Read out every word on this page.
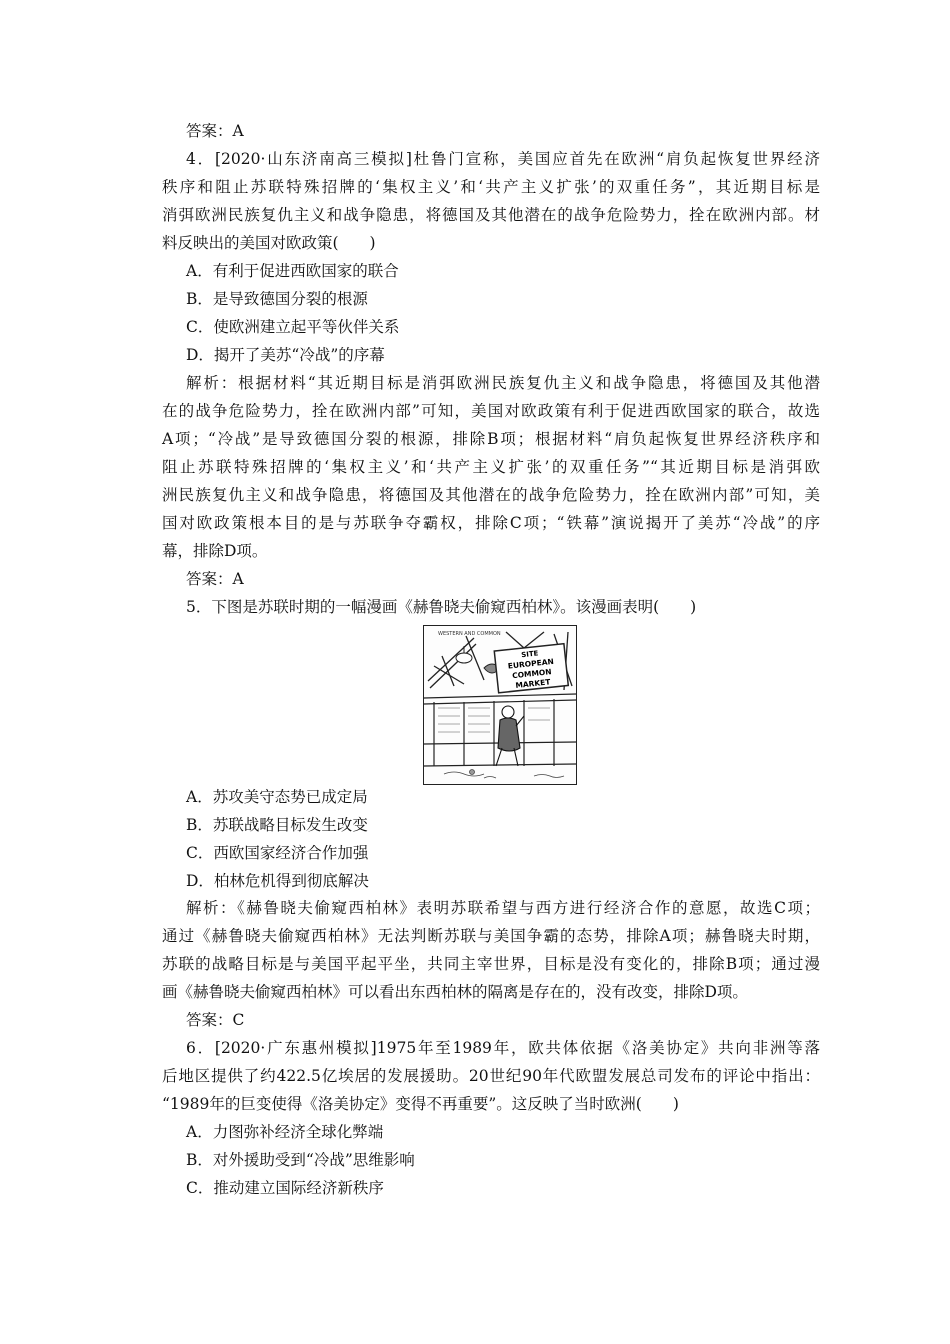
答案：A
4．[2020·山东济南高三模拟]杜鲁门宣称，美国应首先在欧洲“肩负起恢复世界经济
秩序和阻止苏联特殊招牌的‘集权主义’和‘共产主义扩张’的双重任务”，其近期目标是
消弭欧洲民族复仇主义和战争隐患，将德国及其他潜在的战争危险势力，拴在欧洲内部。材
料反映出的美国对欧政策(　　)
A．有利于促进西欧国家的联合
B．是导致德国分裂的根源
C．使欧洲建立起平等伙伴关系
D．揭开了美苏“冷战”的序幕
解析：根据材料“其近期目标是消弭欧洲民族复仇主义和战争隐患，将德国及其他潜
在的战争危险势力，拴在欧洲内部”可知，美国对欧政策有利于促进西欧国家的联合，故选
A项；“冷战”是导致德国分裂的根源，排除B项；根据材料“肩负起恢复世界经济秩序和
阻止苏联特殊招牌的‘集权主义’和‘共产主义扩张’的双重任务”“其近期目标是消弭欧
洲民族复仇主义和战争隐患，将德国及其他潜在的战争危险势力，拴在欧洲内部”可知，美
国对欧政策根本目的是与苏联争夺霸权，排除C项；“铁幕”演说揭开了美苏“冷战”的序
幕，排除D项。
答案：A
5．下图是苏联时期的一幅漫画《赫鲁晓夫偷窥西柏林》。该漫画表明(　　)
WESTERN AND COMMON
SITE
EUROPEAN
COMMON
MARKET
A．苏攻美守态势已成定局
B．苏联战略目标发生改变
C．西欧国家经济合作加强
D．柏林危机得到彻底解决
解析：《赫鲁晓夫偷窥西柏林》表明苏联希望与西方进行经济合作的意愿，故选C项；
通过《赫鲁晓夫偷窥西柏林》无法判断苏联与美国争霸的态势，排除A项；赫鲁晓夫时期，
苏联的战略目标是与美国平起平坐，共同主宰世界，目标是没有变化的，排除B项；通过漫
画《赫鲁晓夫偷窥西柏林》可以看出东西柏林的隔离是存在的，没有改变，排除D项。
答案：C
6．[2020·广东惠州模拟]1975年至1989年，欧共体依据《洛美协定》共向非洲等落
后地区提供了约422.5亿埃居的发展援助。20世纪90年代欧盟发展总司发布的评论中指出：
“1989年的巨变使得《洛美协定》变得不再重要”。这反映了当时欧洲(　　)
A．力图弥补经济全球化弊端
B．对外援助受到“冷战”思维影响
C．推动建立国际经济新秩序
